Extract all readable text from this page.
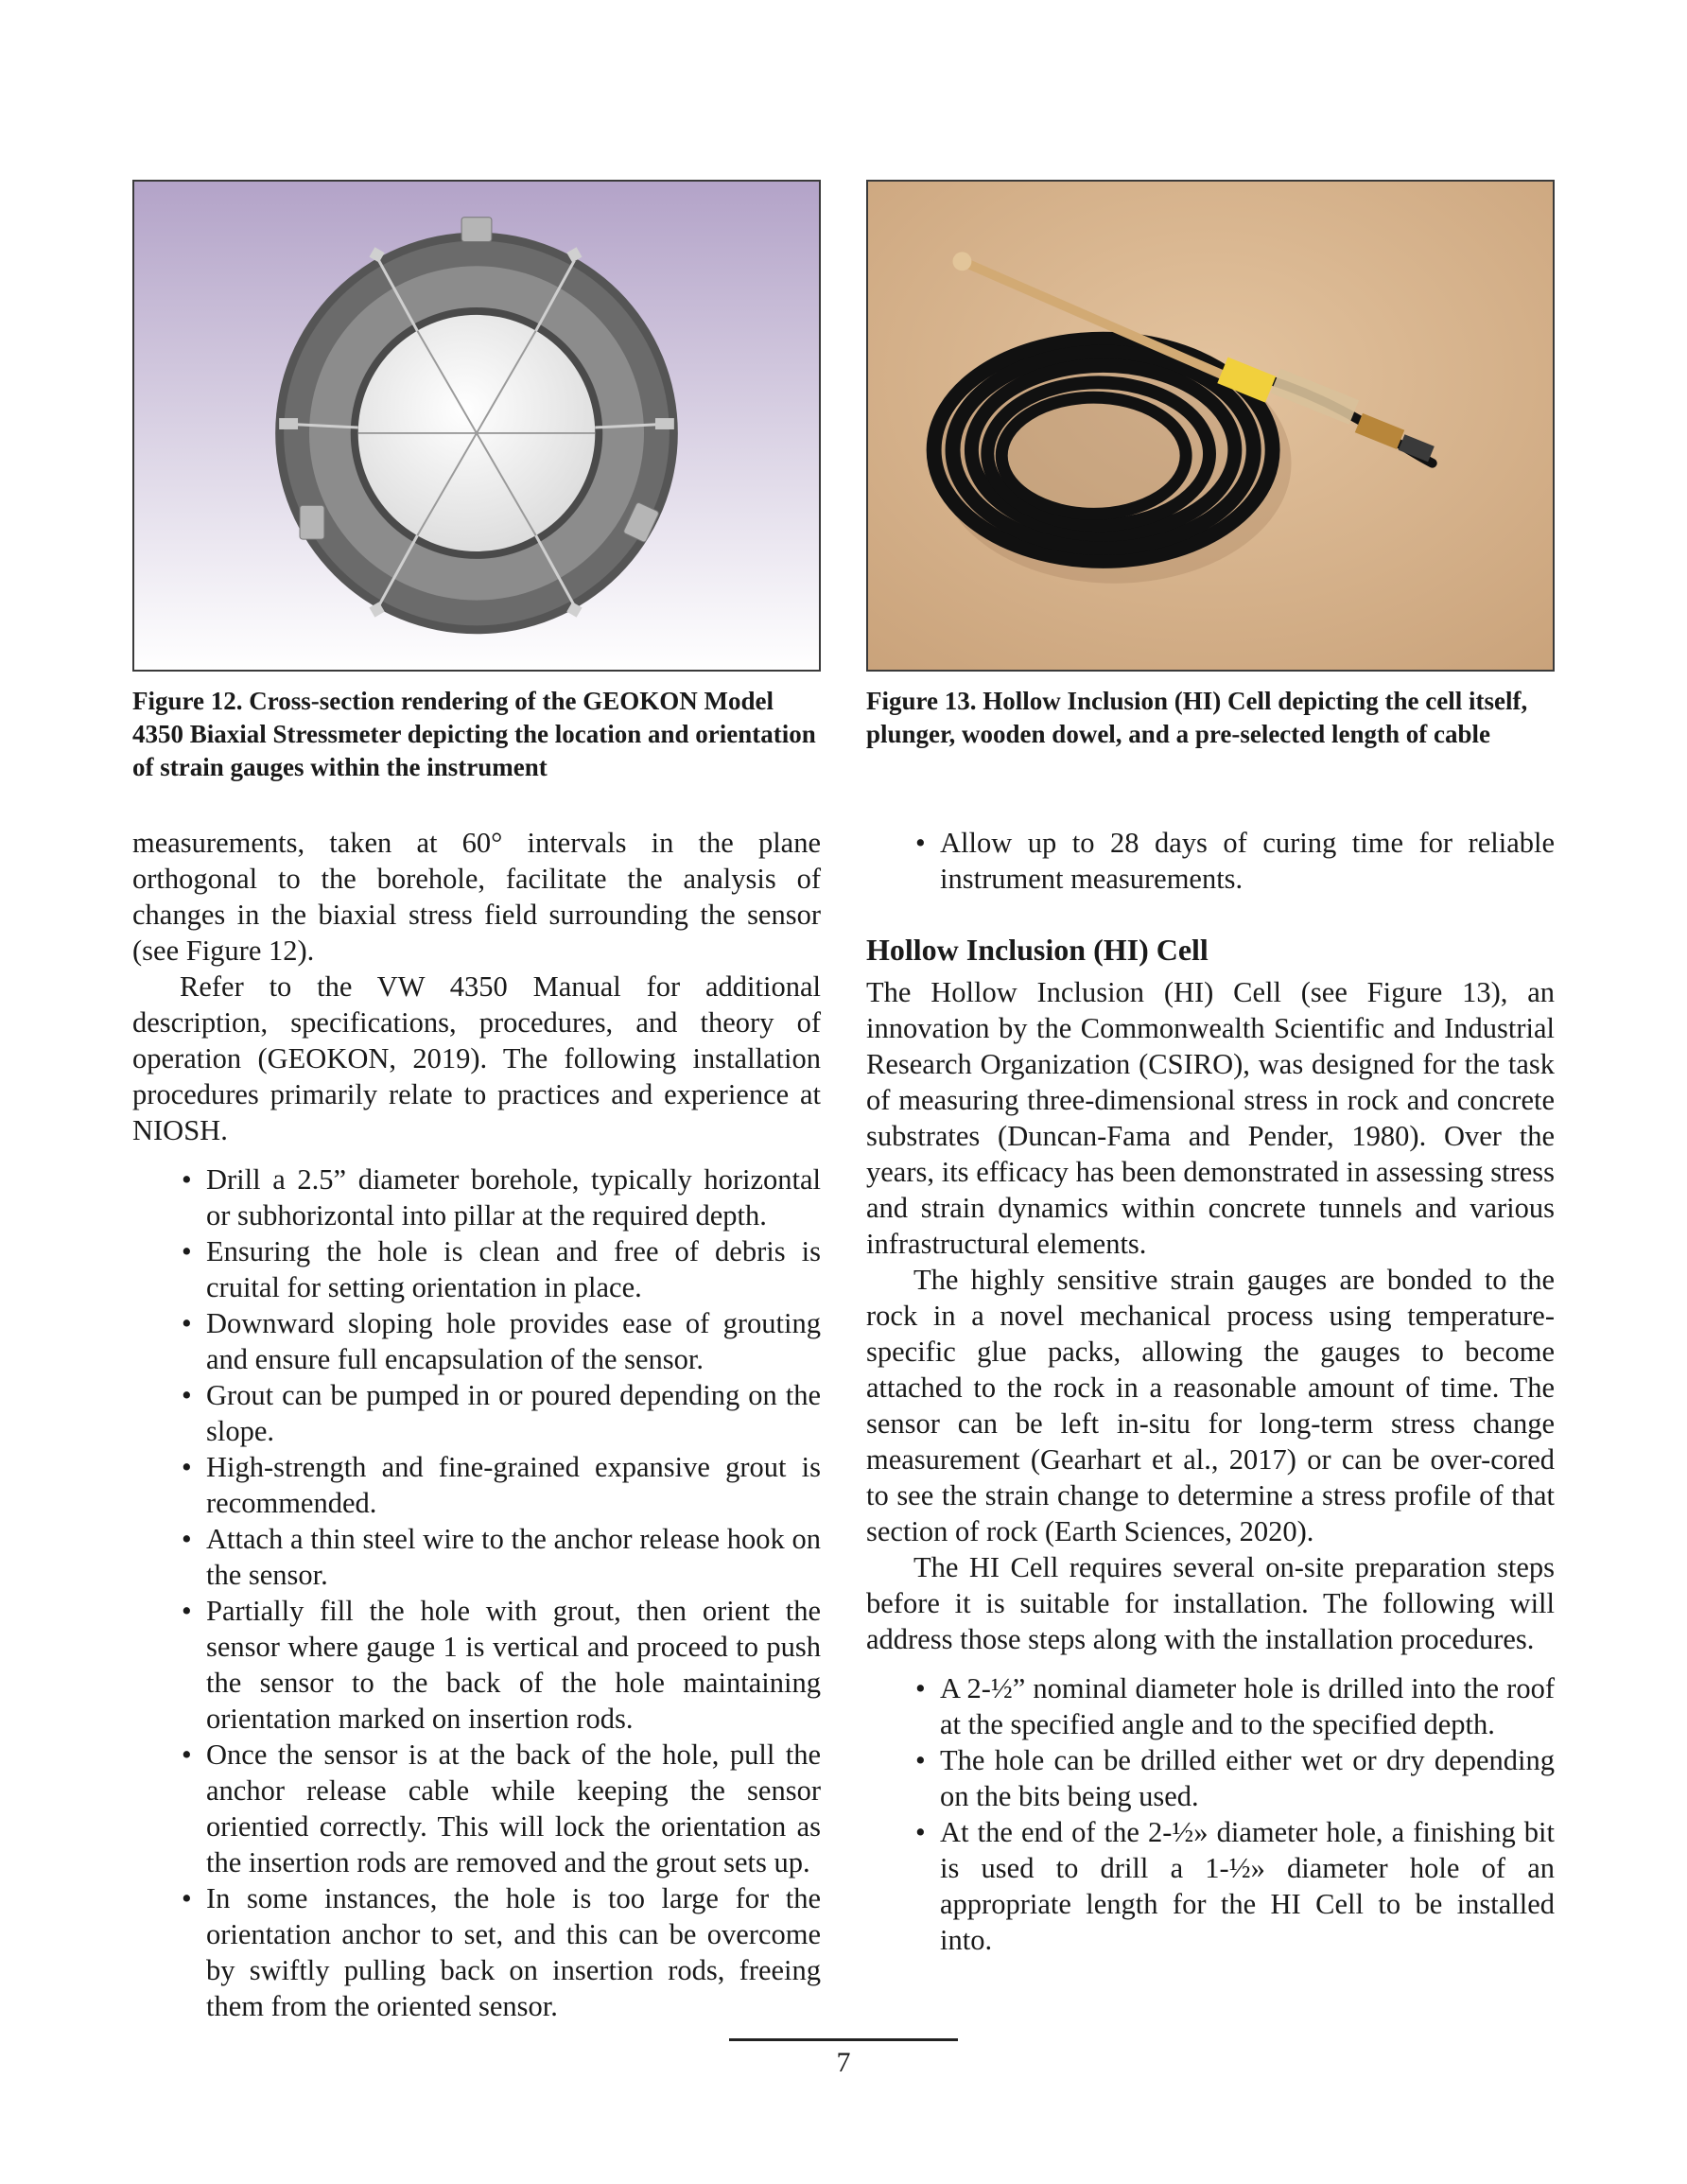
Figure 12. Cross-section rendering of the GEOKON Model 4350 Biaxial Stressmeter depicting the location and orientation of strain gauges within the instrument

measurements, taken at 60° intervals in the plane orthogonal to the borehole, facilitate the analysis of changes in the biaxial stress field surrounding the sensor (see Figure 12).

Refer to the VW 4350 Manual for additional description, specifications, procedures, and theory of operation (GEOKON, 2019). The following installation procedures primarily relate to practices and experience at NIOSH.

• Drill a 2.5” diameter borehole, typically horizontal or subhorizontal into pillar at the required depth.
• Ensuring the hole is clean and free of debris is cruital for setting orientation in place.
• Downward sloping hole provides ease of grouting and ensure full encapsulation of the sensor.
• Grout can be pumped in or poured depending on the slope.
• High-strength and fine-grained expansive grout is recommended.
• Attach a thin steel wire to the anchor release hook on the sensor.
• Partially fill the hole with grout, then orient the sensor where gauge 1 is vertical and proceed to push the sensor to the back of the hole maintaining orientation marked on insertion rods.
• Once the sensor is at the back of the hole, pull the anchor release cable while keeping the sensor orientied correctly. This will lock the orientation as the insertion rods are removed and the grout sets up.
• In some instances, the hole is too large for the orientation anchor to set, and this can be overcome by swiftly pulling back on insertion rods, freeing them from the oriented sensor.
Figure 13. Hollow Inclusion (HI) Cell depicting the cell itself, plunger, wooden dowel, and a pre-selected length of cable
• Allow up to 28 days of curing time for reliable instrument measurements.
Hollow Inclusion (HI) Cell

The Hollow Inclusion (HI) Cell (see Figure 13), an innovation by the Commonwealth Scientific and Industrial Research Organization (CSIRO), was designed for the task of measuring three-dimensional stress in rock and concrete substrates (Duncan-Fama and Pender, 1980). Over the years, its efficacy has been demonstrated in assessing stress and strain dynamics within concrete tunnels and various infrastructural elements.

The highly sensitive strain gauges are bonded to the rock in a novel mechanical process using temperature-specific glue packs, allowing the gauges to become attached to the rock in a reasonable amount of time. The sensor can be left in-situ for long-term stress change measurement (Gearhart et al., 2017) or can be over-cored to see the strain change to determine a stress profile of that section of rock (Earth Sciences, 2020).

The HI Cell requires several on-site preparation steps before it is suitable for installation. The following will address those steps along with the installation procedures.

• A 2-½” nominal diameter hole is drilled into the roof at the specified angle and to the specified depth.
• The hole can be drilled either wet or dry depending on the bits being used.
• At the end of the 2-½» diameter hole, a finishing bit is used to drill a 1-½» diameter hole of an appropriate length for the HI Cell to be installed into.
7
